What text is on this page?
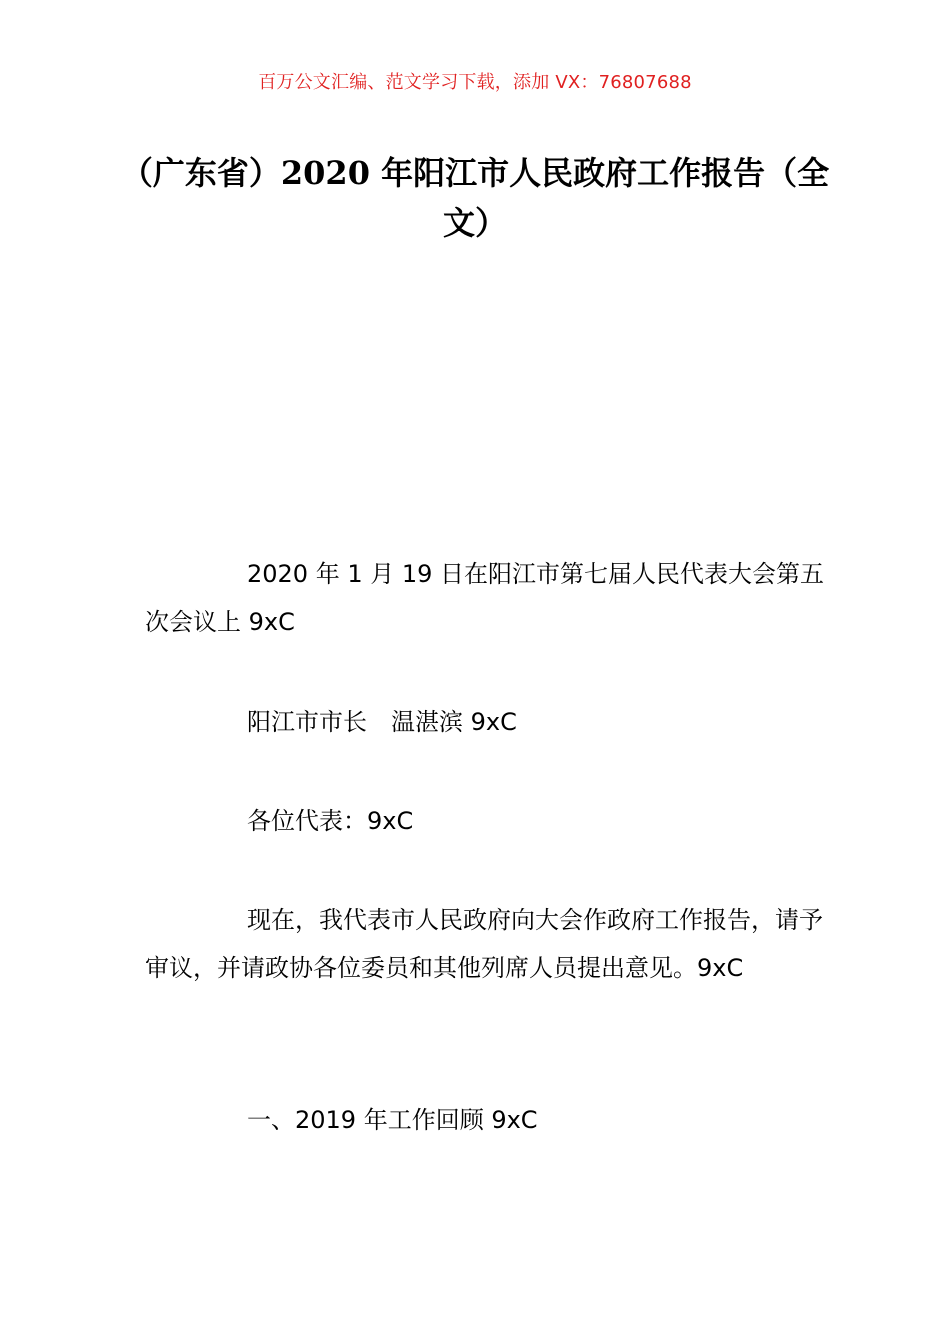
百万公文汇编、范文学习下载，添加 VX：76807688
（广东省）2020 年阳江市人民政府工作报告（全文）

2020 年 1 月 19 日在阳江市第七届人民代表大会第五次会议上 9xC

阳江市市长　温湛滨 9xC

各位代表：9xC

现在，我代表市人民政府向大会作政府工作报告，请予审议，并请政协各位委员和其他列席人员提出意见。9xC

一、2019 年工作回顾 9xC
